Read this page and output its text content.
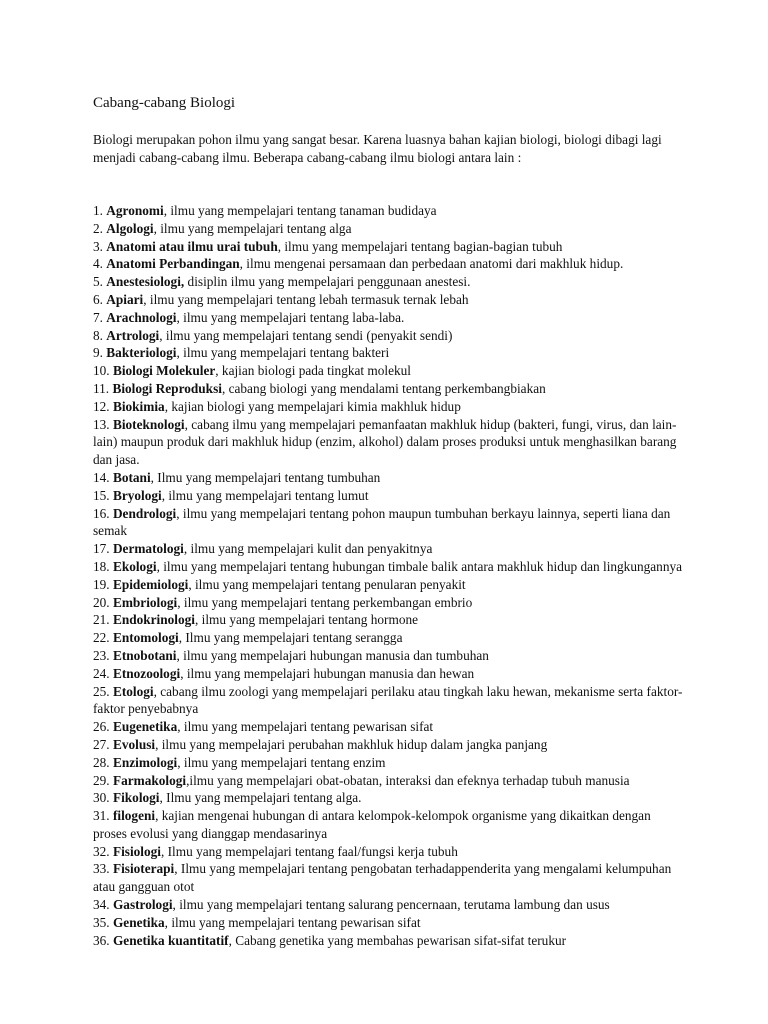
Cabang-cabang Biologi

Biologi merupakan pohon ilmu yang sangat besar. Karena luasnya bahan kajian biologi, biologi dibagi lagi menjadi cabang-cabang ilmu. Beberapa cabang-cabang ilmu biologi antara lain :

1. Agronomi, ilmu yang mempelajari tentang tanaman budidaya
2. Algologi, ilmu yang mempelajari tentang alga
3. Anatomi atau ilmu urai tubuh, ilmu yang mempelajari tentang bagian-bagian tubuh
4. Anatomi Perbandingan, ilmu mengenai persamaan dan perbedaan anatomi dari makhluk hidup.
5. Anestesiologi, disiplin ilmu yang mempelajari penggunaan anestesi.
6. Apiari, ilmu yang mempelajari tentang lebah termasuk ternak lebah
7. Arachnologi, ilmu yang mempelajari tentang laba-laba.
8. Artrologi, ilmu yang mempelajari tentang sendi (penyakit sendi)
9. Bakteriologi, ilmu yang mempelajari tentang bakteri
10. Biologi Molekuler, kajian biologi pada tingkat molekul
11. Biologi Reproduksi, cabang biologi yang mendalami tentang perkembangbiakan
12. Biokimia, kajian biologi yang mempelajari kimia makhluk hidup
13. Bioteknologi, cabang ilmu yang mempelajari pemanfaatan makhluk hidup (bakteri, fungi, virus, dan lain-lain) maupun produk dari makhluk hidup (enzim, alkohol) dalam proses produksi untuk menghasilkan barang dan jasa.
14. Botani, Ilmu yang mempelajari tentang tumbuhan
15. Bryologi, ilmu yang mempelajari tentang lumut
16. Dendrologi, ilmu yang mempelajari tentang pohon maupun tumbuhan berkayu lainnya, seperti liana dan semak
17. Dermatologi, ilmu yang mempelajari kulit dan penyakitnya
18. Ekologi, ilmu yang mempelajari tentang hubungan timbale balik antara makhluk hidup dan lingkungannya
19. Epidemiologi, ilmu yang mempelajari tentang penularan penyakit
20. Embriologi, ilmu yang mempelajari tentang perkembangan embrio
21. Endokrinologi, ilmu yang mempelajari tentang hormone
22. Entomologi, Ilmu yang mempelajari tentang serangga
23. Etnobotani, ilmu yang mempelajari hubungan manusia dan tumbuhan
24. Etnozoologi, ilmu yang mempelajari hubungan manusia dan hewan
25. Etologi, cabang ilmu zoologi yang mempelajari perilaku atau tingkah laku hewan, mekanisme serta faktor-faktor penyebabnya
26. Eugenetika, ilmu yang mempelajari tentang pewarisan sifat
27. Evolusi, ilmu yang mempelajari perubahan makhluk hidup dalam jangka panjang
28. Enzimologi, ilmu yang mempelajari tentang enzim
29. Farmakologi,ilmu yang mempelajari obat-obatan, interaksi dan efeknya terhadap tubuh manusia
30. Fikologi, Ilmu yang mempelajari tentang alga.
31. filogeni, kajian mengenai hubungan di antara kelompok-kelompok organisme yang dikaitkan dengan proses evolusi yang dianggap mendasarinya
32. Fisiologi, Ilmu yang mempelajari tentang faal/fungsi kerja tubuh
33. Fisioterapi, Ilmu yang mempelajari tentang pengobatan terhadappenderita yang mengalami kelumpuhan atau gangguan otot
34. Gastrologi, ilmu yang mempelajari tentang salurang pencernaan, terutama lambung dan usus
35. Genetika, ilmu yang mempelajari tentang pewarisan sifat
36. Genetika kuantitatif, Cabang genetika yang membahas pewarisan sifat-sifat terukur
